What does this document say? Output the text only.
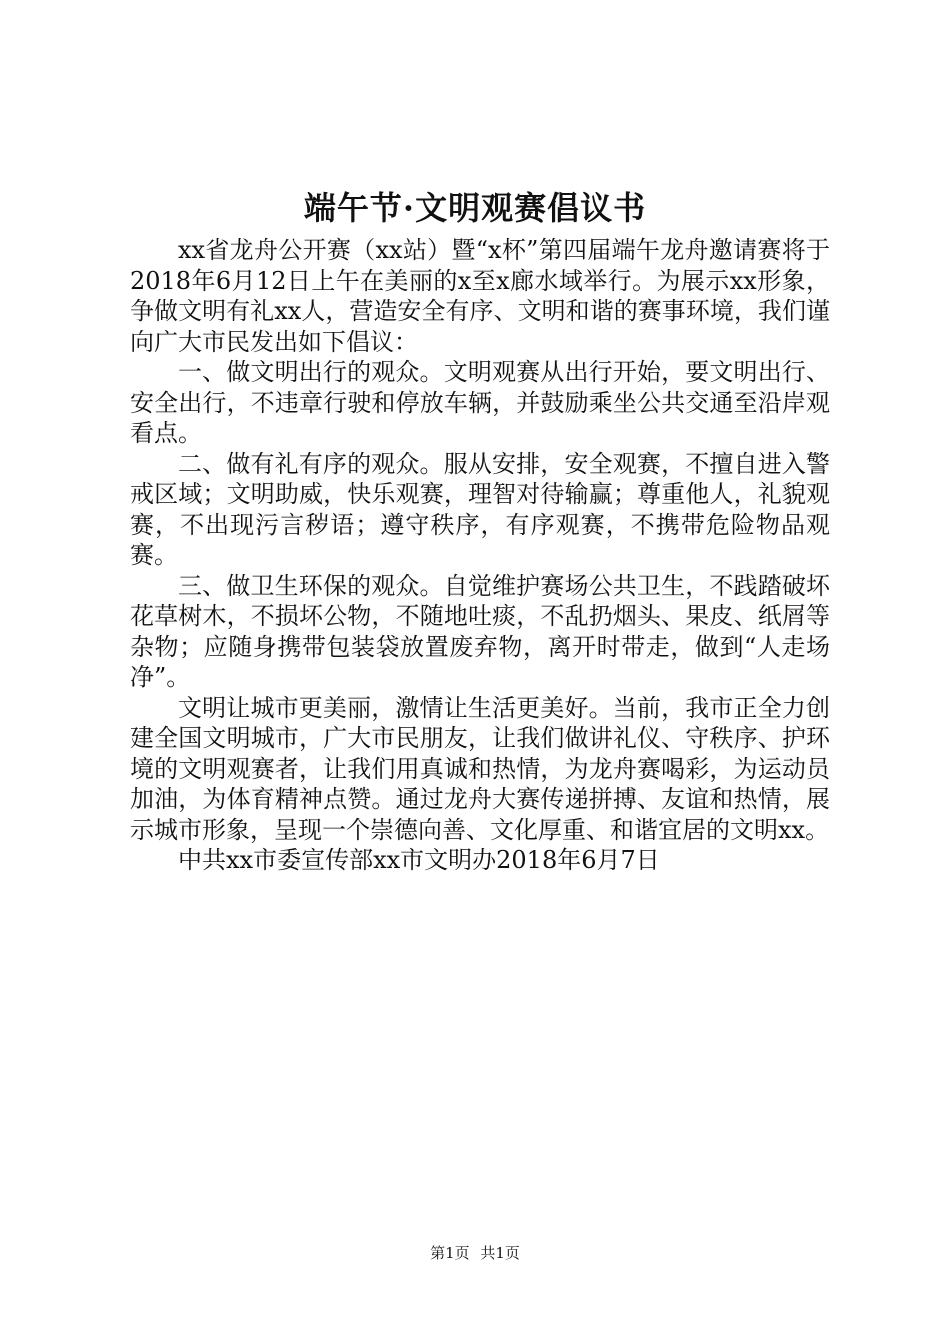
端午节·文明观赛倡议书

xx省龙舟公开赛（xx站）暨“x杯”第四届端午龙舟邀请赛将于2018年6月12日上午在美丽的x至x廊水域举行。为展示xx形象，争做文明有礼xx人，营造安全有序、文明和谐的赛事环境，我们谨向广大市民发出如下倡议：

一、做文明出行的观众。文明观赛从出行开始，要文明出行、安全出行，不违章行驶和停放车辆，并鼓励乘坐公共交通至沿岸观看点。

二、做有礼有序的观众。服从安排，安全观赛，不擅自进入警戒区域；文明助威，快乐观赛，理智对待输赢；尊重他人，礼貌观赛，不出现污言秽语；遵守秩序，有序观赛，不携带危险物品观赛。

三、做卫生环保的观众。自觉维护赛场公共卫生，不践踏破坏花草树木，不损坏公物，不随地吐痰，不乱扔烟头、果皮、纸屑等杂物；应随身携带包装袋放置废弃物，离开时带走，做到“人走场净”。

文明让城市更美丽，激情让生活更美好。当前，我市正全力创建全国文明城市，广大市民朋友，让我们做讲礼仪、守秩序、护环境的文明观赛者，让我们用真诚和热情，为龙舟赛喝彩，为运动员加油，为体育精神点赞。通过龙舟大赛传递拼搏、友谊和热情，展示城市形象，呈现一个崇德向善、文化厚重、和谐宜居的文明xx。

中共xx市委宣传部xx市文明办2018年6月7日

第1页 共1页
